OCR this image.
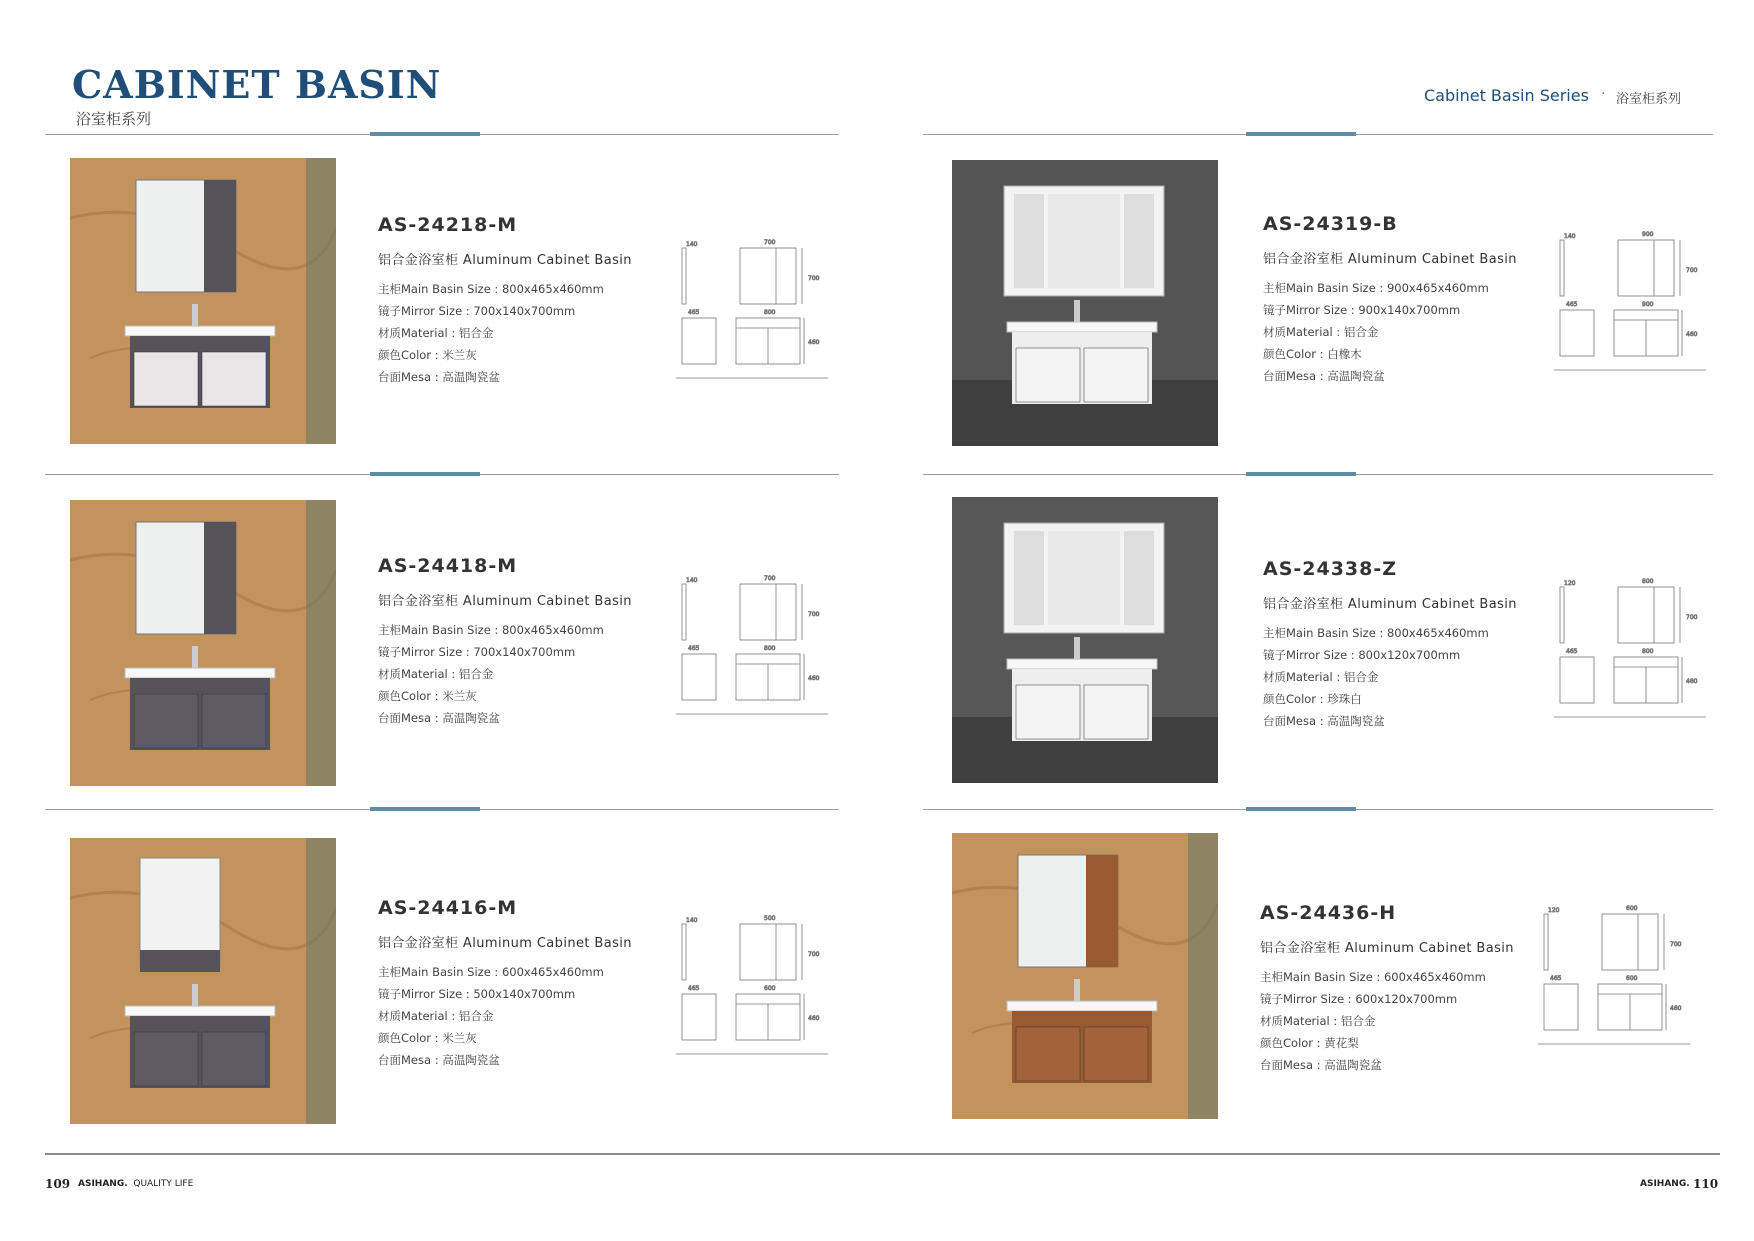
CABINET BASIN
浴室柜系列
Cabinet Basin Series · 浴室柜系列
AS-24218-M
铝合金浴室柜 Aluminum Cabinet Basin
主柜Main Basin Size : 800x465x460mm
镜子Mirror Size : 700x140x700mm
材质Material : 铝合金
颜色Color : 米兰灰
台面Mesa : 高温陶瓷盆
140	700
700
465	800
460
AS-24418-M
铝合金浴室柜 Aluminum Cabinet Basin
主柜Main Basin Size : 800x465x460mm
镜子Mirror Size : 700x140x700mm
材质Material : 铝合金
颜色Color : 米兰灰
台面Mesa : 高温陶瓷盆
140	700
700
465	800
460
AS-24416-M
铝合金浴室柜 Aluminum Cabinet Basin
主柜Main Basin Size : 600x465x460mm
镜子Mirror Size : 500x140x700mm
材质Material : 铝合金
颜色Color : 米兰灰
台面Mesa : 高温陶瓷盆
140	500
700
465	600
460
AS-24319-B
铝合金浴室柜 Aluminum Cabinet Basin
主柜Main Basin Size : 900x465x460mm
镜子Mirror Size : 900x140x700mm
材质Material : 铝合金
颜色Color : 白橡木
台面Mesa : 高温陶瓷盆
140	900
700
465	900
460
AS-24338-Z
铝合金浴室柜 Aluminum Cabinet Basin
主柜Main Basin Size : 800x465x460mm
镜子Mirror Size : 800x120x700mm
材质Material : 铝合金
颜色Color : 珍珠白
台面Mesa : 高温陶瓷盆
120	800
700
465	800
460
AS-24436-H
铝合金浴室柜 Aluminum Cabinet Basin
主柜Main Basin Size : 600x465x460mm
镜子Mirror Size : 600x120x700mm
材质Material : 铝合金
颜色Color : 黄花梨
台面Mesa : 高温陶瓷盆
120	600
700
465	600
460
109 ASIHANG. QUALITY LIFE	ASIHANG. 110
